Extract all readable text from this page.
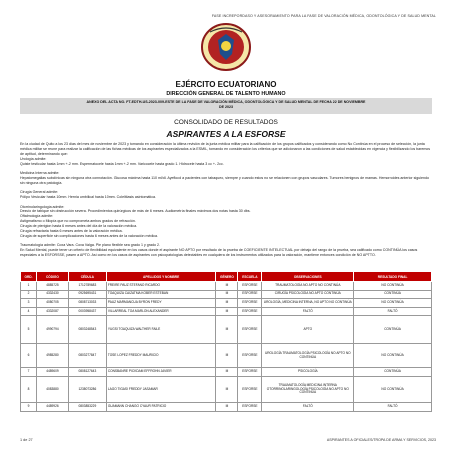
FASE INCREPORDASO Y ASESORAMIENTO PARA LA FASE DE VALORACIÓN MÉDICA, ODONTOLÓGICA Y DE SALUD MENTAL
EJÉRCITO ECUATORIANO
DIRECCIÓN GENERAL DE TALENTO HUMANO
ANEXO DEL ACTA NO. FT-EDTH-US-2023-009-ESTE DE LA FASE DE VALORACIÓN MÉDICA, ODONTOLÓGICA Y DE SALUD MENTAL DE FECHA 22 DE NOVIEMBRE
DE 2023
CONSOLIDADO DE RESULTADOS
ASPIRANTES A LA ESFORSE

En la ciudad de Quito a los 23 días del mes de noviembre de 2023 y tomando en consideración la última revisión de la junta médica militar para la calificación de los grupos calificados y considerando como No Continúa en el proceso de selección, la junta médica militar se reune para realizar la calificación de las fichas médicas de los aspirantes especializados a la ESMIL, tomando en consideración los criterios que se adicionaron a las condiciones de salud establecidas en vigencia y flexibilizando los baremos de aptitud, determinando que:

Urología admite:

Quiste testicular hasta 1mm +-2 mm. Espermatocele hasta 1mm +-2 mm. Varicocele hasta grado 1. Hidrocele hasta 3 cc +- 2cc.

Medicina Interna admite:

Hepatomegalias subclínicas sin ninguna otra connotación. Glucosa máxima hasta 110 ml/dl. Ayeflocd a pacientes con tabaqueo, siempre y cuando estos no se relacionen con grupos vasculares. Tumores benignos de mamas. Hemorroides anterior siguiendo sin ninguna otra patología.

Cirugía General admite:

Pólipo Vesicular hasta 10mm. Hernia umbilical hasta 10mm. Colelitiasis asintomática.

Otorrinolaringología admite:

Desvío de tabique sin obstrucción severa. Procedimientos quirúrgicos de más de 6 meses. Audiometría finales máximos dos notas hasta 30 dbs.

Oftalmología admite:

Astigmatismo o Miopía que no comprometa ambos grados de refracción.

Cirugía de pterigion hasta 6 meses antes del día de la valoración médica.

Cirugía refractaria hasta 6 meses antes de la valoración médica.

Cirugía de superficie sin complicaciones hasta 6 meses antes de la valoración médica.

Traumatología admite: Coxa Vara. Coxa Valga. Pie plano flexible sea grado 1 y grado 2.

En Salud Mental, puede tener un criterio de flexibilidad equivalente en los casos donde el aspirante NO APTO por resultado de la prueba de COEFICIENTE INTELECTUAL por debajo del rango de la prueba, sea calificado como CONTINÚA los casos especiales a la ESFORSSE, pasen a APTO. Así como en los casos de aspirantes con psicopatologías detectables en cualquiera de los instrumentos utilizados para la valoración, mantiene entonces condición de NO APTTO.

ORD.	CÓDIGO	CÉDULA	APELLIDOS Y NOMBRE	GÉNERO	ESCUELA	OBSERVACIONES	RESULTADO FINAL
1	4885725	1712789683	FREIRE PAUZ STEFANO RICARDO	M	ESFORSE	TRAUMATOLOGÍA NO APTO NO CONTINÚA	NO CONTINÚA
2	4332430	0925695431	TOAQUIZA CAIZATMA KOBER ESTEBAN	M	ESFORSE	CIRUGÍA PSICOLOGÍA NO APTO CONTINÚA	CONTINÚA
3	4080705	0808713033	PAUZ MARMANCUA BYRON FREDY	M	ESFORSE	UROLOGÍA, MEDICINA INTERNA, NO APTO NO CONTINÚA	NO CONTINÚA
4	4332087	0003958437	VILLARREAL TOA MARLON ALEXANDER	M	ESFORSE	FALTÓ	FALTÓ
5	4990794	0803248543	YUGSI TOAQUIZA WALTHER FAILE	M	ESFORSE	APTO	CONTINÚA
6	4985280	0803277847	TOSE LOPEZ FREDDY MAURICIO	M	ESFORSE	UROLOGÍA TRAUMATOLOGÍA PSICOLOGÍA NO APTO NO CONTINÚA	NO CONTINÚA
7	4489609	0808127643	CONSBANRE PICKDAM EFFROHN JAVIER	M	ESFORSE	PSICOLOGÍA	CONTINÚA
8	4083880	1238073286	LAGO TIGASI FREDDY JASAMAR	M	ESFORSE	TRAUMATOLOGÍA MEDICINA INTERNA OTORRINOLARINGOLOGÍA PSICOLOGÍA NO APTO NO CONTINÚA	NO CONTINÚA
9	4489926	0803853229	GUAMANN CHANGO CYAUR PATRICIO	M	ESFORSE	FALTÓ	FALTÓ
1 de 27	ASPIRANTES A OFICIALES/TROPA DE ARMA Y SERVICIOS, 2023
